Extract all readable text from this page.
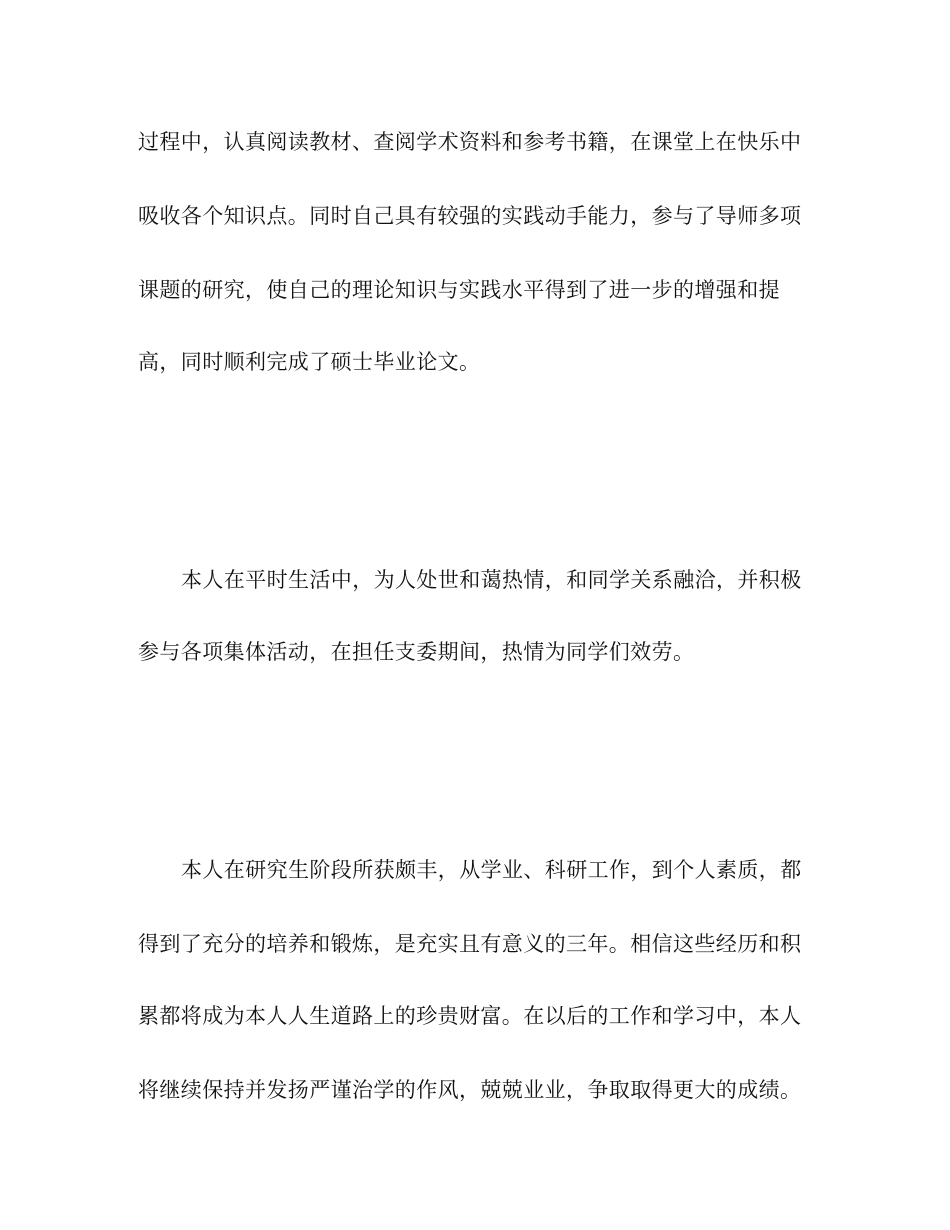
过程中，认真阅读教材、查阅学术资料和参考书籍，在课堂上在快乐中
吸收各个知识点。同时自己具有较强的实践动手能力，参与了导师多项
课题的研究，使自己的理论知识与实践水平得到了进一步的增强和提
高，同时顺利完成了硕士毕业论文。
本人在平时生活中，为人处世和蔼热情，和同学关系融洽，并积极
参与各项集体活动，在担任支委期间，热情为同学们效劳。
本人在研究生阶段所获颇丰，从学业、科研工作，到个人素质，都
得到了充分的培养和锻炼，是充实且有意义的三年。相信这些经历和积
累都将成为本人人生道路上的珍贵财富。在以后的工作和学习中，本人
将继续保持并发扬严谨治学的作风，兢兢业业，争取取得更大的成绩。
